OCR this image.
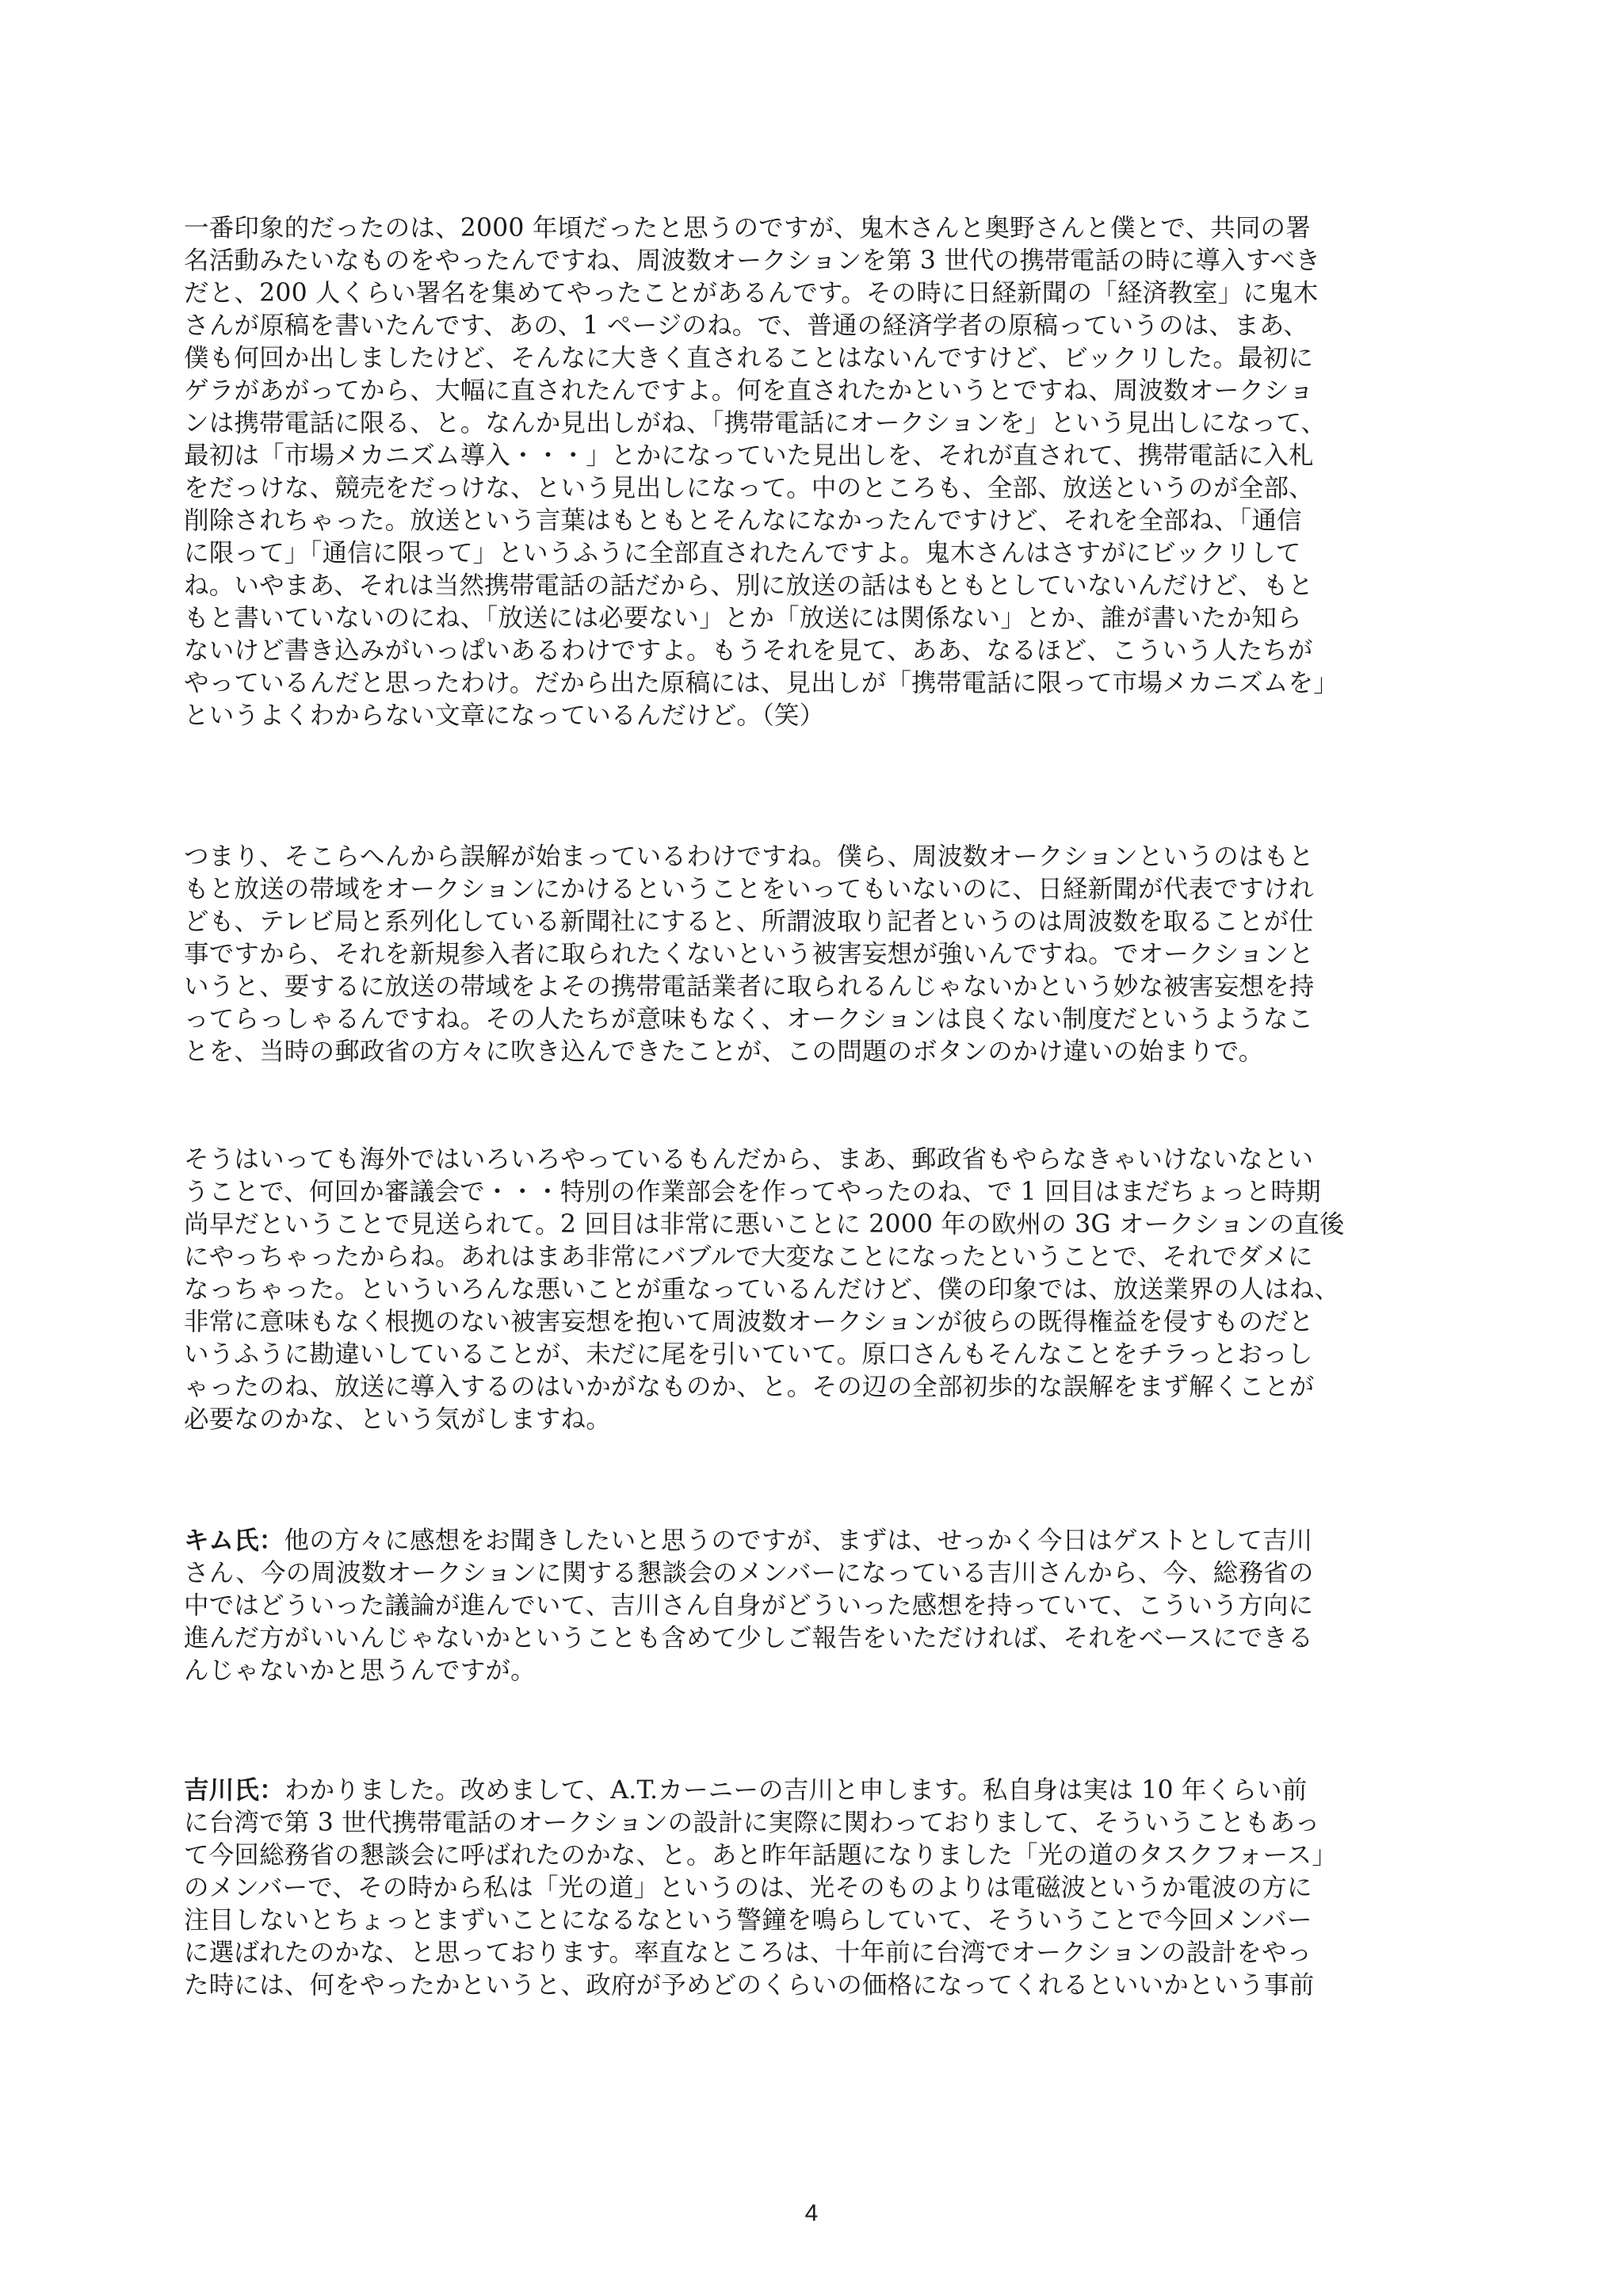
一番印象的だったのは、2000 年頃だったと思うのですが、鬼木さんと奥野さんと僕とで、共同の署

名活動みたいなものをやったんですね、周波数オークションを第 3 世代の携帯電話の時に導入すべき

だと、200 人くらい署名を集めてやったことがあるんです。その時に日経新聞の「経済教室」に鬼木

さんが原稿を書いたんです、あの、1 ページのね。で、普通の経済学者の原稿っていうのは、まあ、

僕も何回か出しましたけど、そんなに大きく直されることはないんですけど、ビックリした。最初に

ゲラがあがってから、大幅に直されたんですよ。何を直されたかというとですね、周波数オークショ

ンは携帯電話に限る、と。なんか見出しがね、「携帯電話にオークションを」という見出しになって、

最初は「市場メカニズム導入・・・」とかになっていた見出しを、それが直されて、携帯電話に入札

をだっけな、競売をだっけな、という見出しになって。中のところも、全部、放送というのが全部、

削除されちゃった。放送という言葉はもともとそんなになかったんですけど、それを全部ね、「通信

に限って」「通信に限って」というふうに全部直されたんですよ。鬼木さんはさすがにビックリして

ね。いやまあ、それは当然携帯電話の話だから、別に放送の話はもともとしていないんだけど、もと

もと書いていないのにね、「放送には必要ない」とか「放送には関係ない」とか、誰が書いたか知ら

ないけど書き込みがいっぱいあるわけですよ。もうそれを見て、ああ、なるほど、こういう人たちが

やっているんだと思ったわけ。だから出た原稿には、見出しが「携帯電話に限って市場メカニズムを」

というよくわからない文章になっているんだけど。（笑）

つまり、そこらへんから誤解が始まっているわけですね。僕ら、周波数オークションというのはもと

もと放送の帯域をオークションにかけるということをいってもいないのに、日経新聞が代表ですけれ

ども、テレビ局と系列化している新聞社にすると、所謂波取り記者というのは周波数を取ることが仕

事ですから、それを新規参入者に取られたくないという被害妄想が強いんですね。でオークションと

いうと、要するに放送の帯域をよその携帯電話業者に取られるんじゃないかという妙な被害妄想を持

ってらっしゃるんですね。その人たちが意味もなく、オークションは良くない制度だというようなこ

とを、当時の郵政省の方々に吹き込んできたことが、この問題のボタンのかけ違いの始まりで。

そうはいっても海外ではいろいろやっているもんだから、まあ、郵政省もやらなきゃいけないなとい

うことで、何回か審議会で・・・特別の作業部会を作ってやったのね、で 1 回目はまだちょっと時期

尚早だということで見送られて。2 回目は非常に悪いことに 2000 年の欧州の 3G オークションの直後

にやっちゃったからね。あれはまあ非常にバブルで大変なことになったということで、それでダメに

なっちゃった。といういろんな悪いことが重なっているんだけど、僕の印象では、放送業界の人はね、

非常に意味もなく根拠のない被害妄想を抱いて周波数オークションが彼らの既得権益を侵すものだと

いうふうに勘違いしていることが、未だに尾を引いていて。原口さんもそんなことをチラっとおっし

ゃったのね、放送に導入するのはいかがなものか、と。その辺の全部初歩的な誤解をまず解くことが

必要なのかな、という気がしますね。

キム氏：他の方々に感想をお聞きしたいと思うのですが、まずは、せっかく今日はゲストとして吉川

さん、今の周波数オークションに関する懇談会のメンバーになっている吉川さんから、今、総務省の

中ではどういった議論が進んでいて、吉川さん自身がどういった感想を持っていて、こういう方向に

進んだ方がいいんじゃないかということも含めて少しご報告をいただければ、それをベースにできる

んじゃないかと思うんですが。

吉川氏：わかりました。改めまして、A.T.カーニーの吉川と申します。私自身は実は 10 年くらい前

に台湾で第 3 世代携帯電話のオークションの設計に実際に関わっておりまして、そういうこともあっ

て今回総務省の懇談会に呼ばれたのかな、と。あと昨年話題になりました「光の道のタスクフォース」

のメンバーで、その時から私は「光の道」というのは、光そのものよりは電磁波というか電波の方に

注目しないとちょっとまずいことになるなという警鐘を鳴らしていて、そういうことで今回メンバー

に選ばれたのかな、と思っております。率直なところは、十年前に台湾でオークションの設計をやっ

た時には、何をやったかというと、政府が予めどのくらいの価格になってくれるといいかという事前

4
